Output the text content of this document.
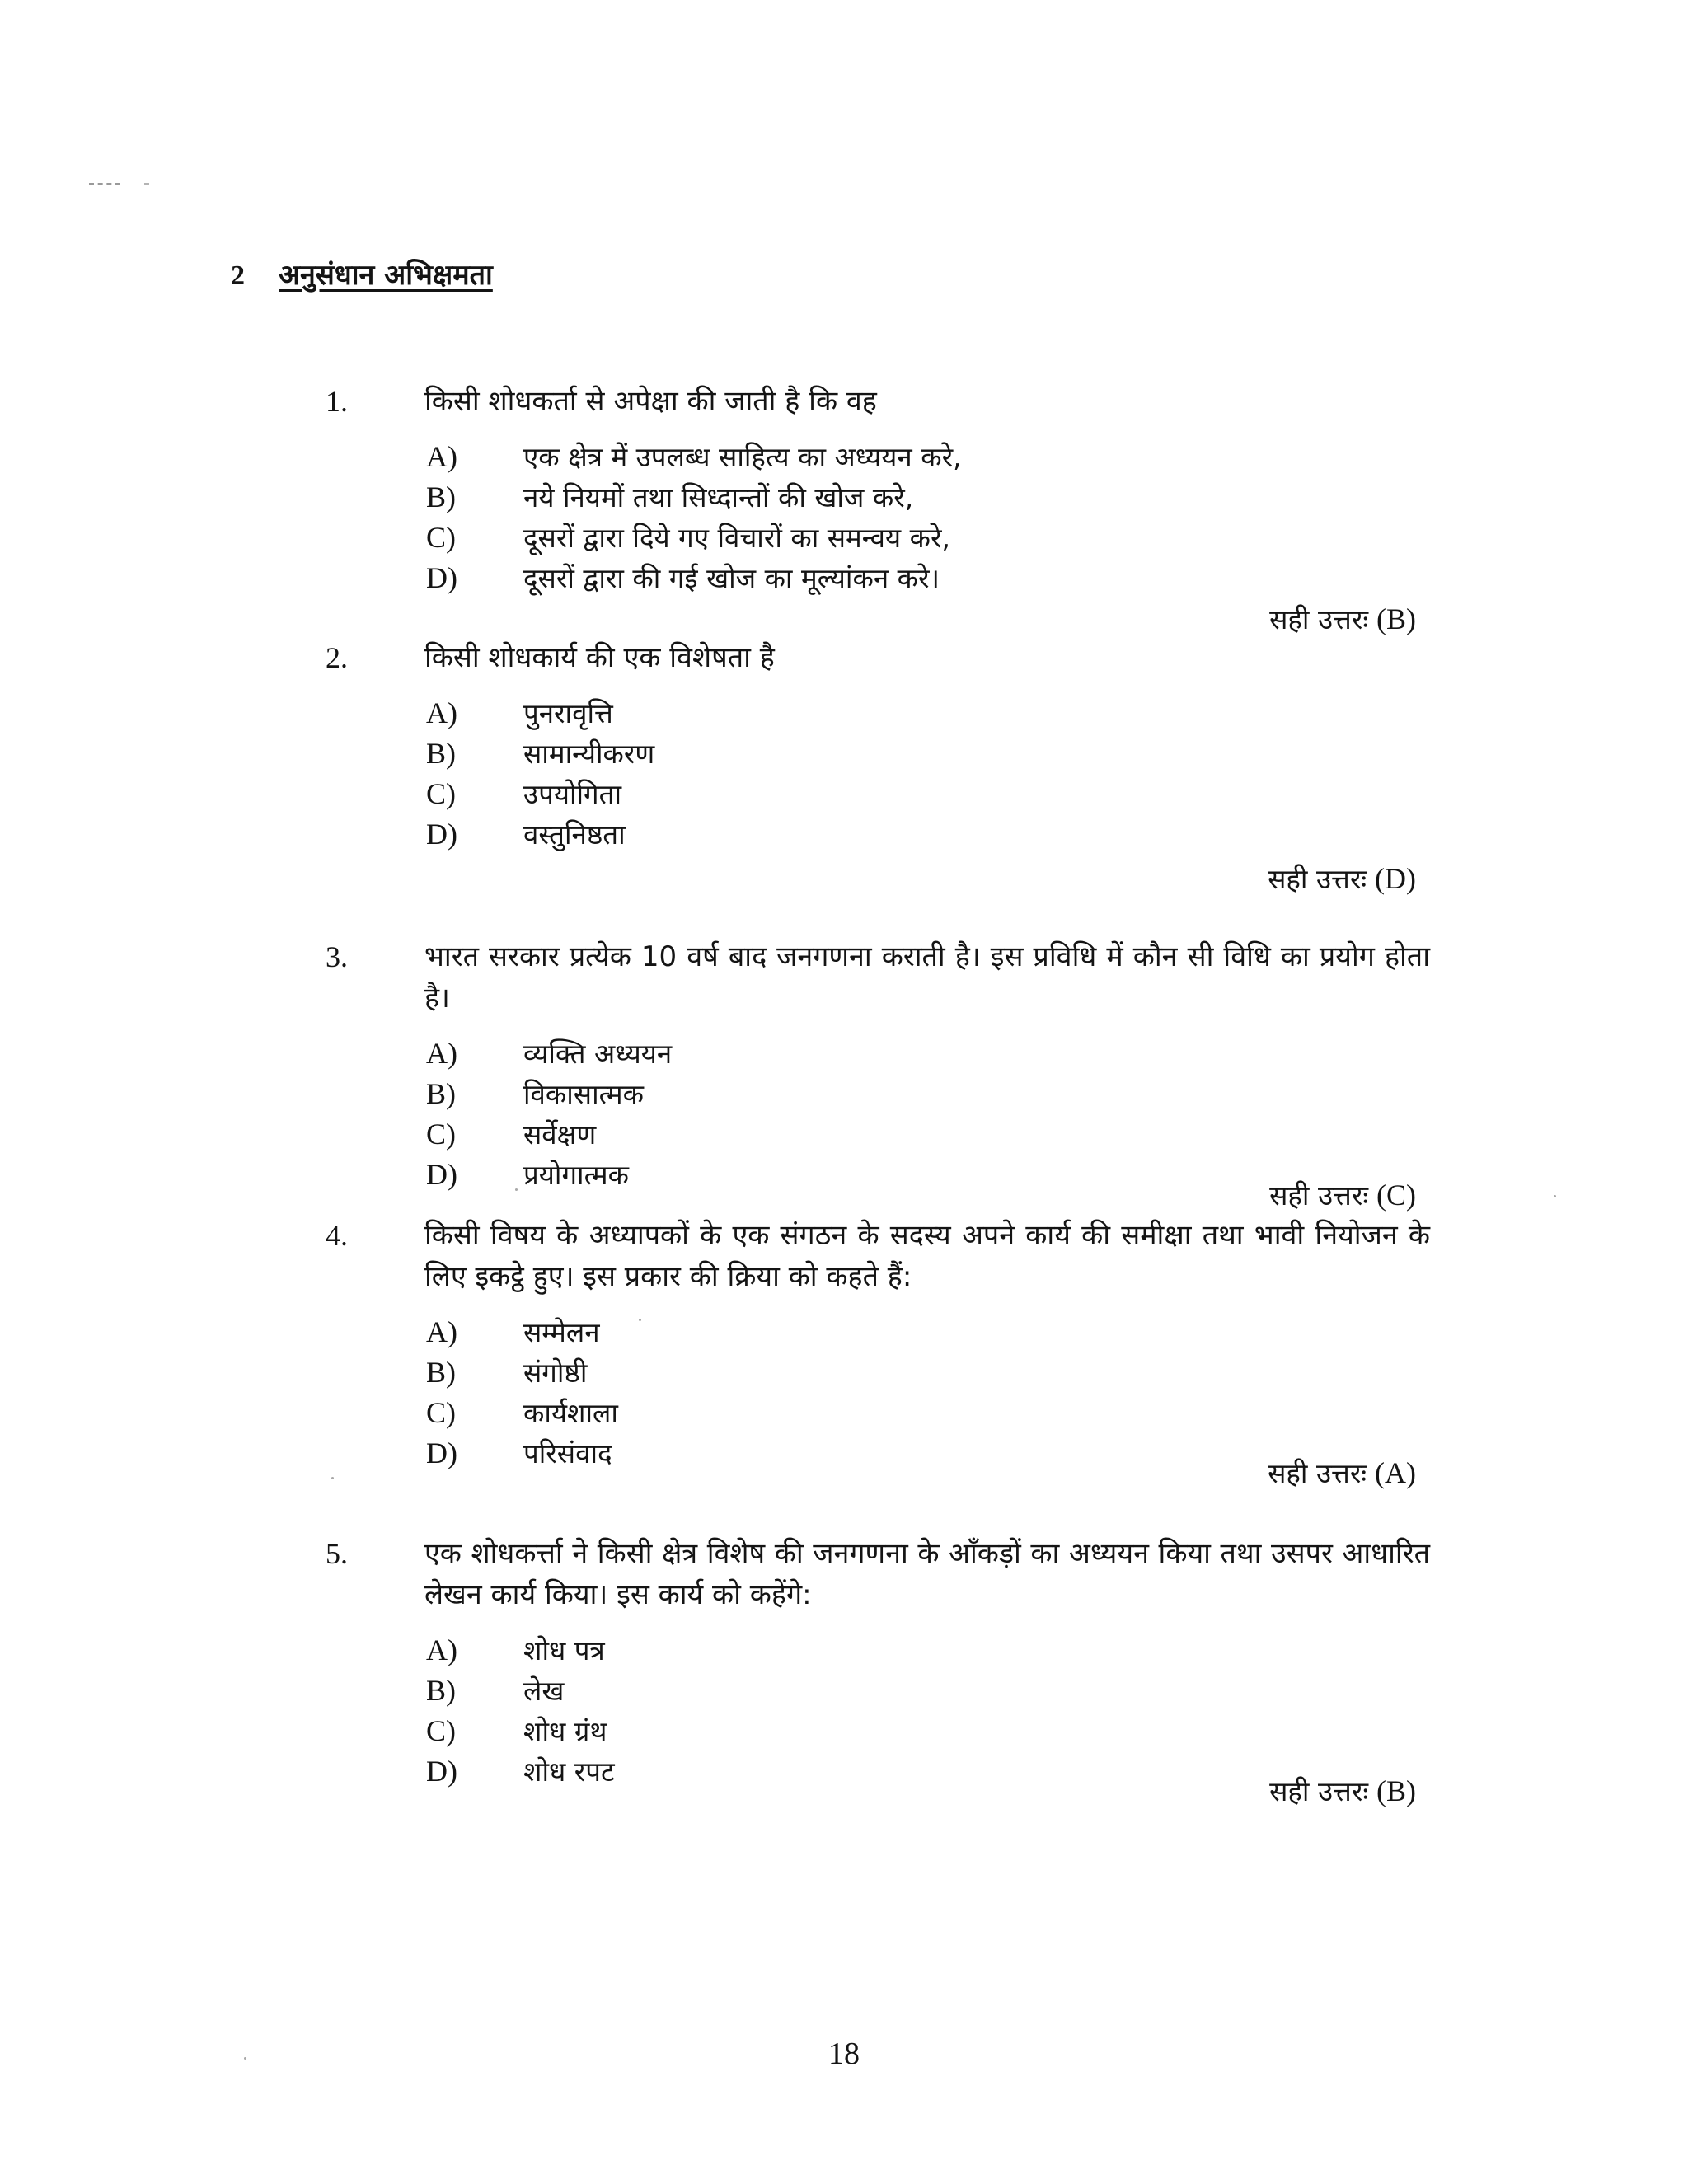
2 अनुसंधान अभिक्षमता
1.	किसी शोधकर्ता से अपेक्षा की जाती है कि वह
A) एक क्षेत्र में उपलब्ध साहित्य का अध्ययन करे,
B) नये नियमों तथा सिध्दान्तों की खोज करे,
C) दूसरों द्वारा दिये गए विचारों का समन्वय करे,
D) दूसरों द्वारा की गई खोज का मूल्यांकन करे।
सही उत्तरः (B)
2.	किसी शोधकार्य की एक विशेषता है
A) पुनरावृत्ति
B) सामान्यीकरण
C) उपयोगिता
D) वस्तुनिष्ठता
सही उत्तरः (D)
3.	भारत सरकार प्रत्येक 10 वर्ष बाद जनगणना कराती है। इस प्रविधि में कौन सी विधि का प्रयोग होता है।
A) व्यक्ति अध्ययन
B) विकासात्मक
C) सर्वेक्षण
D) प्रयोगात्मक
सही उत्तरः (C)
4.	किसी विषय के अध्यापकों के एक संगठन के सदस्य अपने कार्य की समीक्षा तथा भावी नियोजन के लिए इकट्ठे हुए। इस प्रकार की क्रिया को कहते हैं:
A) सम्मेलन
B) संगोष्ठी
C) कार्यशाला
D) परिसंवाद
सही उत्तरः (A)
5.	एक शोधकर्त्ता ने किसी क्षेत्र विशेष की जनगणना के आँकड़ों का अध्ययन किया तथा उसपर आधारित लेखन कार्य किया। इस कार्य को कहेंगे:
A) शोध पत्र
B) लेख
C) शोध ग्रंथ
D) शोध रपट
सही उत्तरः (B)
18
